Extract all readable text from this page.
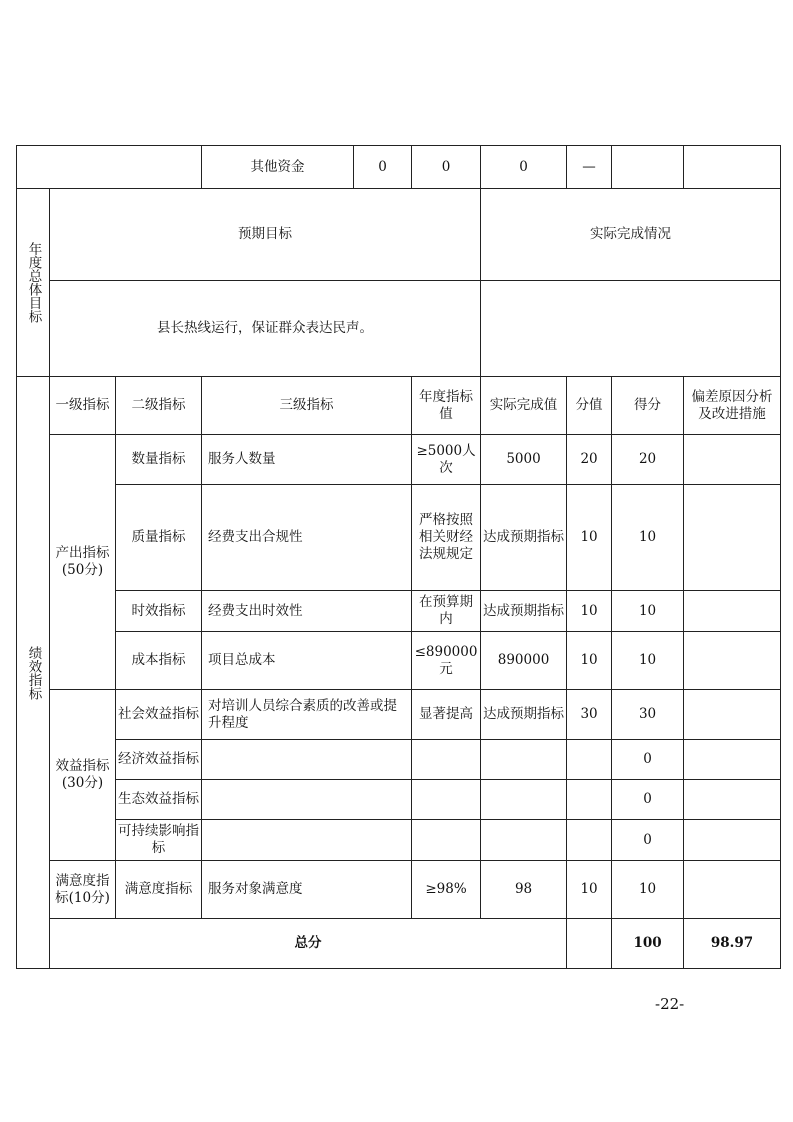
			其他资金	0	0	0	—			
年度总体目标	预期目标					实际完成情况				
	县长热线运行，保证群众表达民声。									
绩效指标	一级指标	二级指标	三级指标		年度指标值	实际完成值	分值	得分	偏差原因分析及改进措施	
	产出指标(50分)	数量指标	服务人数量		≥5000人次	5000	20	20		
		质量指标	经费支出合规性		严格按照相关财经法规规定	达成预期指标	10	10		
		时效指标	经费支出时效性		在预算期内	达成预期指标	10	10		
		成本指标	项目总成本		≤890000元	890000	10	10		
	效益指标(30分)	社会效益指标	对培训人员综合素质的改善或提升程度		显著提高	达成预期指标	30	30		
		经济效益指标						0		
		生态效益指标						0		
		可持续影响指标						0		
	满意度指标(10分)	满意度指标	服务对象满意度		≥98%	98	10	10		
	总分							100	98.97	
-22-
